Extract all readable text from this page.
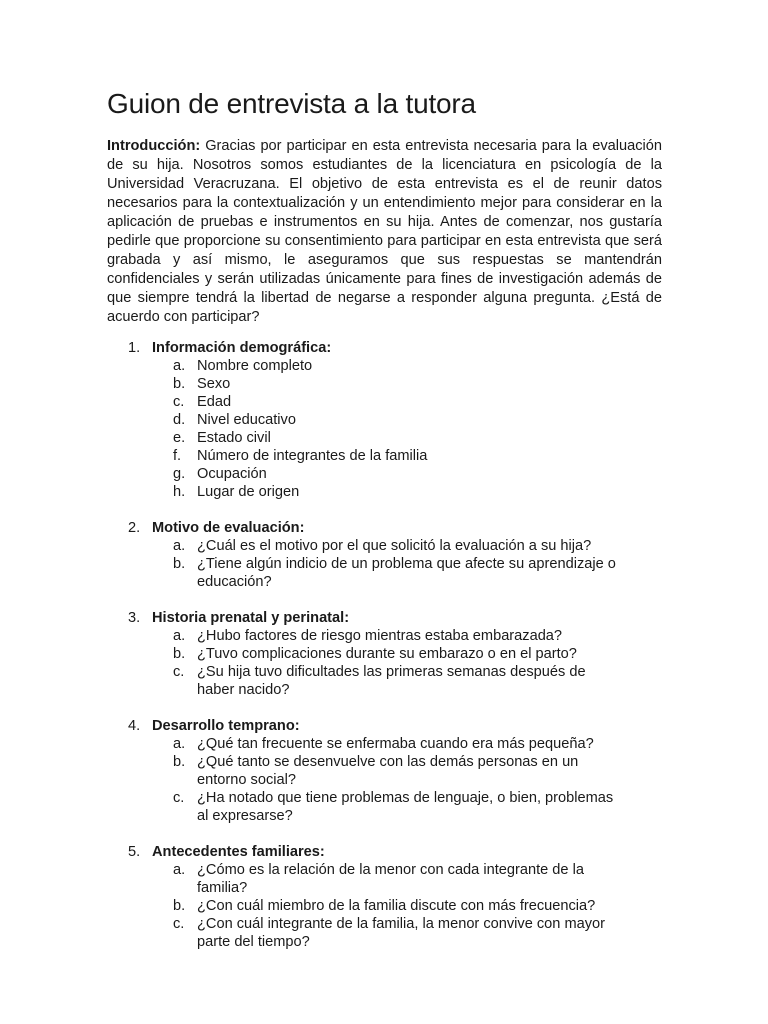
Guion de entrevista a la tutora

Introducción: Gracias por participar en esta entrevista necesaria para la evaluación de su hija. Nosotros somos estudiantes de la licenciatura en psicología de la Universidad Veracruzana. El objetivo de esta entrevista es el de reunir datos necesarios para la contextualización y un entendimiento mejor para considerar en la aplicación de pruebas e instrumentos en su hija. Antes de comenzar, nos gustaría pedirle que proporcione su consentimiento para participar en esta entrevista que será grabada y así mismo, le aseguramos que sus respuestas se mantendrán confidenciales y serán utilizadas únicamente para fines de investigación además de que siempre tendrá la libertad de negarse a responder alguna pregunta. ¿Está de acuerdo con participar?

1. Información demográfica:
a. Nombre completo
b. Sexo
c. Edad
d. Nivel educativo
e. Estado civil
f. Número de integrantes de la familia
g. Ocupación
h. Lugar de origen
2. Motivo de evaluación:
a. ¿Cuál es el motivo por el que solicitó la evaluación a su hija?
b. ¿Tiene algún indicio de un problema que afecte su aprendizaje o educación?
3. Historia prenatal y perinatal:
a. ¿Hubo factores de riesgo mientras estaba embarazada?
b. ¿Tuvo complicaciones durante su embarazo o en el parto?
c. ¿Su hija tuvo dificultades las primeras semanas después de haber nacido?
4. Desarrollo temprano:
a. ¿Qué tan frecuente se enfermaba cuando era más pequeña?
b. ¿Qué tanto se desenvuelve con las demás personas en un entorno social?
c. ¿Ha notado que tiene problemas de lenguaje, o bien, problemas al expresarse?
5. Antecedentes familiares:
a. ¿Cómo es la relación de la menor con cada integrante de la familia?
b. ¿Con cuál miembro de la familia discute con más frecuencia?
c. ¿Con cuál integrante de la familia, la menor convive con mayor parte del tiempo?
